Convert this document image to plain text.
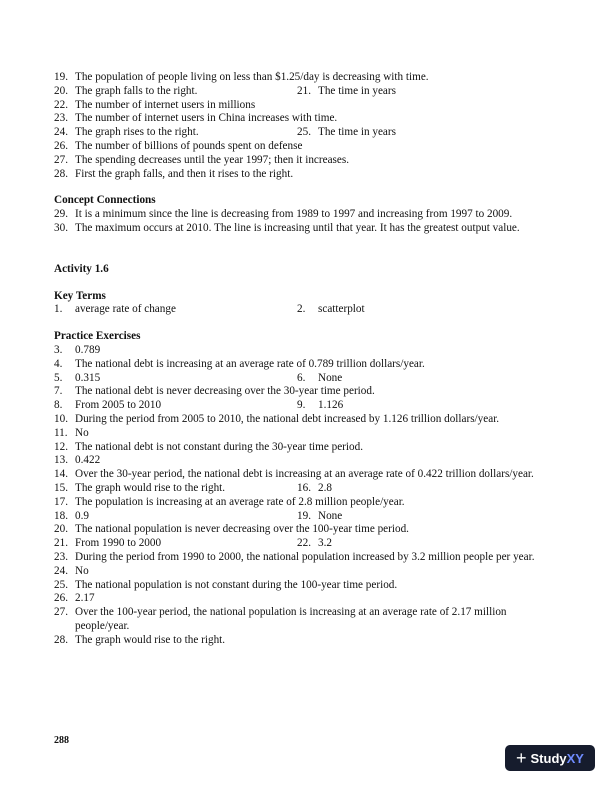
19. The population of people living on less than $1.25/day is decreasing with time.
20. The graph falls to the right.	21. The time in years
22. The number of internet users in millions
23. The number of internet users in China increases with time.
24. The graph rises to the right.	25. The time in years
26. The number of billions of pounds spent on defense
27. The spending decreases until the year 1997; then it increases.
28. First the graph falls, and then it rises to the right.
Concept Connections
29. It is a minimum since the line is decreasing from 1989 to 1997 and increasing from 1997 to 2009.
30. The maximum occurs at 2010. The line is increasing until that year. It has the greatest output value.
Activity 1.6
Key Terms
1.	average rate of change	2.	scatterplot
Practice Exercises
3.	0.789
4.	The national debt is increasing at an average rate of 0.789 trillion dollars/year.
5.	0.315	6.	None
7.	The national debt is never decreasing over the 30-year time period.
8.	From 2005 to 2010	9.	1.126
10. During the period from 2005 to 2010, the national debt increased by 1.126 trillion dollars/year.
11. No
12. The national debt is not constant during the 30-year time period.
13. 0.422
14. Over the 30-year period, the national debt is increasing at an average rate of 0.422 trillion dollars/year.
15. The graph would rise to the right.	16. 2.8
17. The population is increasing at an average rate of 2.8 million people/year.
18. 0.9	19. None
20. The national population is never decreasing over the 100-year time period.
21. From 1990 to 2000	22. 3.2
23. During the period from 1990 to 2000, the national population increased by 3.2 million people per year.
24. No
25. The national population is not constant during the 100-year time period.
26. 2.17
27. Over the 100-year period, the national population is increasing at an average rate of 2.17 million people/year.
28. The graph would rise to the right.
288
+ Study XY
